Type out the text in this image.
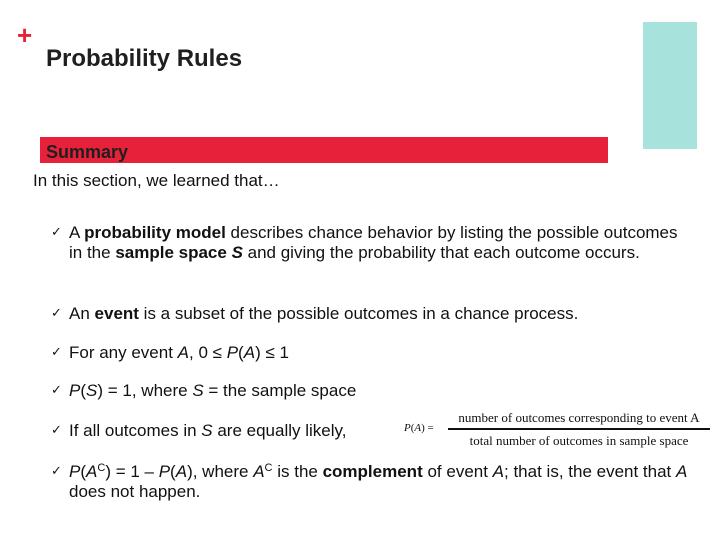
+
Probability Rules
Summary
In this section, we learned that…
✓ A probability model describes chance behavior by listing the possible outcomes in the sample space S and giving the probability that each outcome occurs.
✓ An event is a subset of the possible outcomes in a chance process.
✓ For any event A, 0 ≤ P(A) ≤ 1
✓ P(S) = 1, where S = the sample space
✓ If all outcomes in S are equally likely,	P(A) =
number of outcomes corresponding to event A
total number of outcomes in sample space
✓ $P(A^C) = 1 - P(A)$, where $A^C$ is the complement of event A; that is, the event that A does not happen.
